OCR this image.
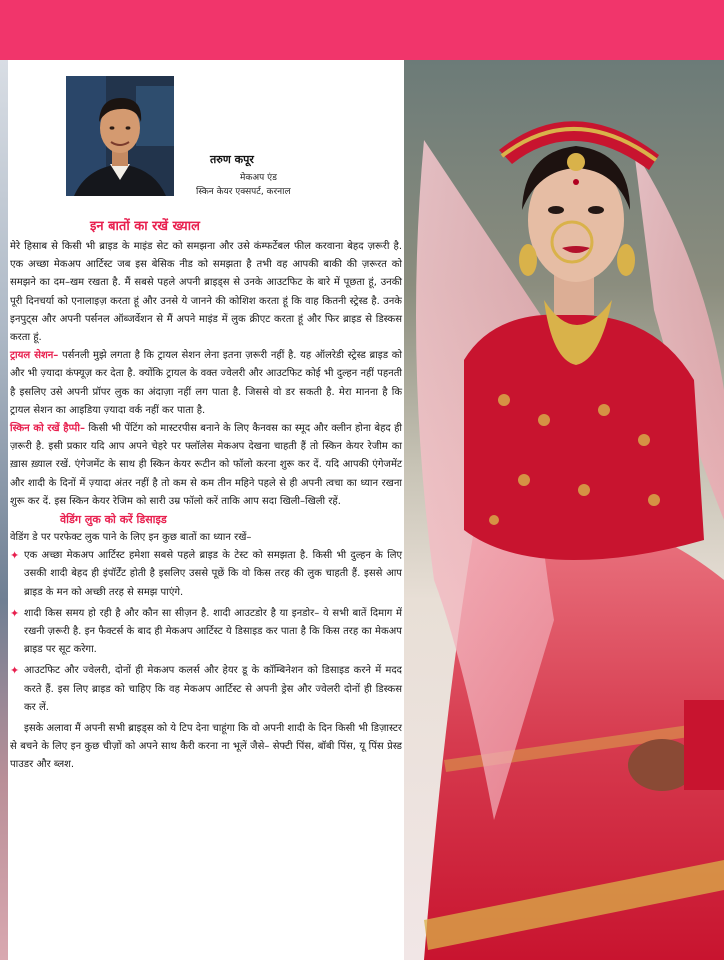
तरुण कपूर

मेकअप एंड

स्किन केयर एक्सपर्ट, करनाल

इन बातों का रखें ख्याल

मेरे हिसाब से किसी भी ब्राइड के माइंड सेट को समझना और उसे कंम्फर्टेबल फील करवाना बेहद ज़रूरी है. एक अच्छा मेकअप आर्टिस्ट जब इस बेसिक नीड को समझता है तभी वह आपकी बाकी की ज़रूरत को समझने का दम–खम रखता है. मैं सबसे पहले अपनी ब्राइड्स से उनके आउटफिट के बारे में पूछता हूं, उनकी पूरी दिनचर्या को एनालाइज़ करता हूं और उनसे ये जानने की कोशिश करता हूं कि वाह कितनी स्ट्रेस्ड है. उनके इनपुट्स और अपनी पर्सनल ऑब्जर्वेशन से मैं अपने माइंड में लुक क्रीएट करता हूं और फिर ब्राइड से डिस्कस करता हूं.

ट्रायल सेशन– पर्सनली मुझे लगता है कि ट्रायल सेशन लेना इतना ज़रूरी नहीं है. यह ऑलरेडी स्ट्रेस्ड ब्राइड को और भी ज़्यादा कंफ्यूज़ कर देता है. क्योंकि ट्रायल के वक्त ज्वेलरी और आउटफिट कोई भी दुल्हन नहीं पहनती है इसलिए उसे अपनी प्रॉपर लुक का अंदाज़ा नहीं लग पाता है. जिससे वो डर सकती है. मेरा मानना है कि ट्रायल सेशन का आइडिया ज़्यादा वर्क नहीं कर पाता है.

स्किन को रखें हैप्पी– किसी भी पेंटिंग को मास्टरपीस बनाने के लिए कैनवस का स्मूद और क्लीन होना बेहद ही ज़रूरी है. इसी प्रकार यदि आप अपने चेहरे पर फ्लॉलेस मेकअप देखना चाहती हैं तो स्किन केयर रेजीम का ख़ास ख़्याल रखें. एंगेजमेंट के साथ ही स्किन केयर रूटीन को फॉलो करना शुरू कर दें. यदि आपकी एंगेजमेंट और शादी के दिनों में ज़्यादा अंतर नहीं है तो कम से कम तीन महिने पहले से ही अपनी त्वचा का ध्यान रखना शुरू कर दें. इस स्किन केयर रेजिम को सारी उम्र फॉलो करें ताकि आप सदा खिली–खिली रहें.

वेडिंग लुक को करें डिसाइड

वेडिंग डे पर परफेक्ट लुक पाने के लिए इन कुछ बातों का ध्यान रखें–

✦ एक अच्छा मेकअप आर्टिस्ट हमेशा सबसे पहले ब्राइड के टेस्ट को समझता है. किसी भी दुल्हन के लिए उसकी शादी बेहद ही इंपॉर्टेंट होती है इसलिए उससे पूछें कि वो किस तरह की लुक चाहती हैं. इससे आप ब्राइड के मन को अच्छी तरह से समझ पाएंगे.
✦ शादी किस समय हो रही है और कौन सा सीज़न है. शादी आउटडोर है या इनडोर– ये सभी बातें दिमाग में रखनी ज़रूरी है. इन फैक्टर्स के बाद ही मेकअप आर्टिस्ट ये डिसाइड कर पाता है कि किस तरह का मेकअप ब्राइड पर सूट करेगा.
✦ आउटफिट और ज्वेलरी, दोनों ही मेकअप कलर्स और हेयर डू के कॉम्बिनेशन को डिसाइड करने में मदद करते हैं. इस लिए ब्राइड को चाहिए कि वह मेकअप आर्टिस्ट से अपनी ड्रेस और ज्वेलरी दोनों ही डिस्कस कर लें.

इसके अलावा मैं अपनी सभी ब्राइड्स को ये टिप देना चाहूंगा कि वो अपनी शादी के दिन किसी भी डिज़ास्टर से बचने के लिए इन कुछ चीज़ों को अपने साथ कैरी करना ना भूलें जैसे– सेफ्टी पिंस, बॉबी पिंस, यू पिंस प्रेस्ड पाउडर और ब्लश.
